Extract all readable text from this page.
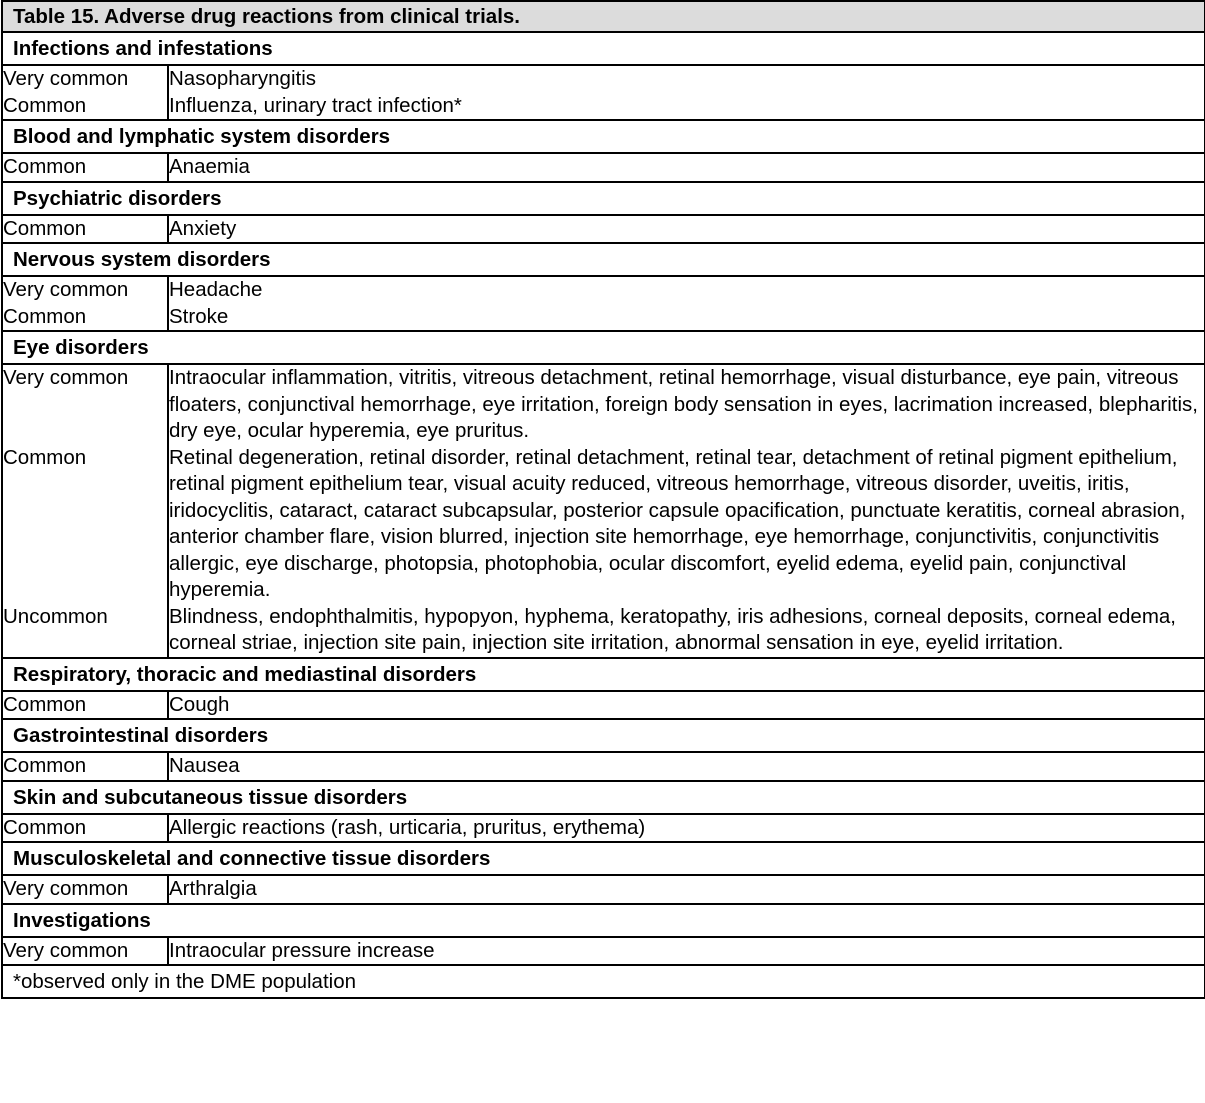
Table 15. Adverse drug reactions from clinical trials.	
Infections and infestations	
Very common	Nasopharyngitis
Common	Influenza, urinary tract infection*
Blood and lymphatic system disorders	
Common	Anaemia
Psychiatric disorders	
Common	Anxiety
Nervous system disorders	
Very common	Headache
Common	Stroke
Eye disorders	
Very common	Intraocular inflammation, vitritis, vitreous detachment, retinal hemorrhage, visual disturbance, eye pain, vitreous floaters, conjunctival hemorrhage, eye irritation, foreign body sensation in eyes, lacrimation increased, blepharitis, dry eye, ocular hyperemia, eye pruritus.
Common	Retinal degeneration, retinal disorder, retinal detachment, retinal tear, detachment of retinal pigment epithelium, retinal pigment epithelium tear, visual acuity reduced, vitreous hemorrhage, vitreous disorder, uveitis, iritis, iridocyclitis, cataract, cataract subcapsular, posterior capsule opacification, punctuate keratitis, corneal abrasion, anterior chamber flare, vision blurred, injection site hemorrhage, eye hemorrhage, conjunctivitis, conjunctivitis allergic, eye discharge, photopsia, photophobia, ocular discomfort, eyelid edema, eyelid pain, conjunctival hyperemia.
Uncommon	Blindness, endophthalmitis, hypopyon, hyphema, keratopathy, iris adhesions, corneal deposits, corneal edema, corneal striae, injection site pain, injection site irritation, abnormal sensation in eye, eyelid irritation.
Respiratory, thoracic and mediastinal disorders	
Common	Cough
Gastrointestinal disorders	
Common	Nausea
Skin and subcutaneous tissue disorders	
Common	Allergic reactions (rash, urticaria, pruritus, erythema)
Musculoskeletal and connective tissue disorders	
Very common	Arthralgia
Investigations	
Very common	Intraocular pressure increase
*observed only in the DME population	
